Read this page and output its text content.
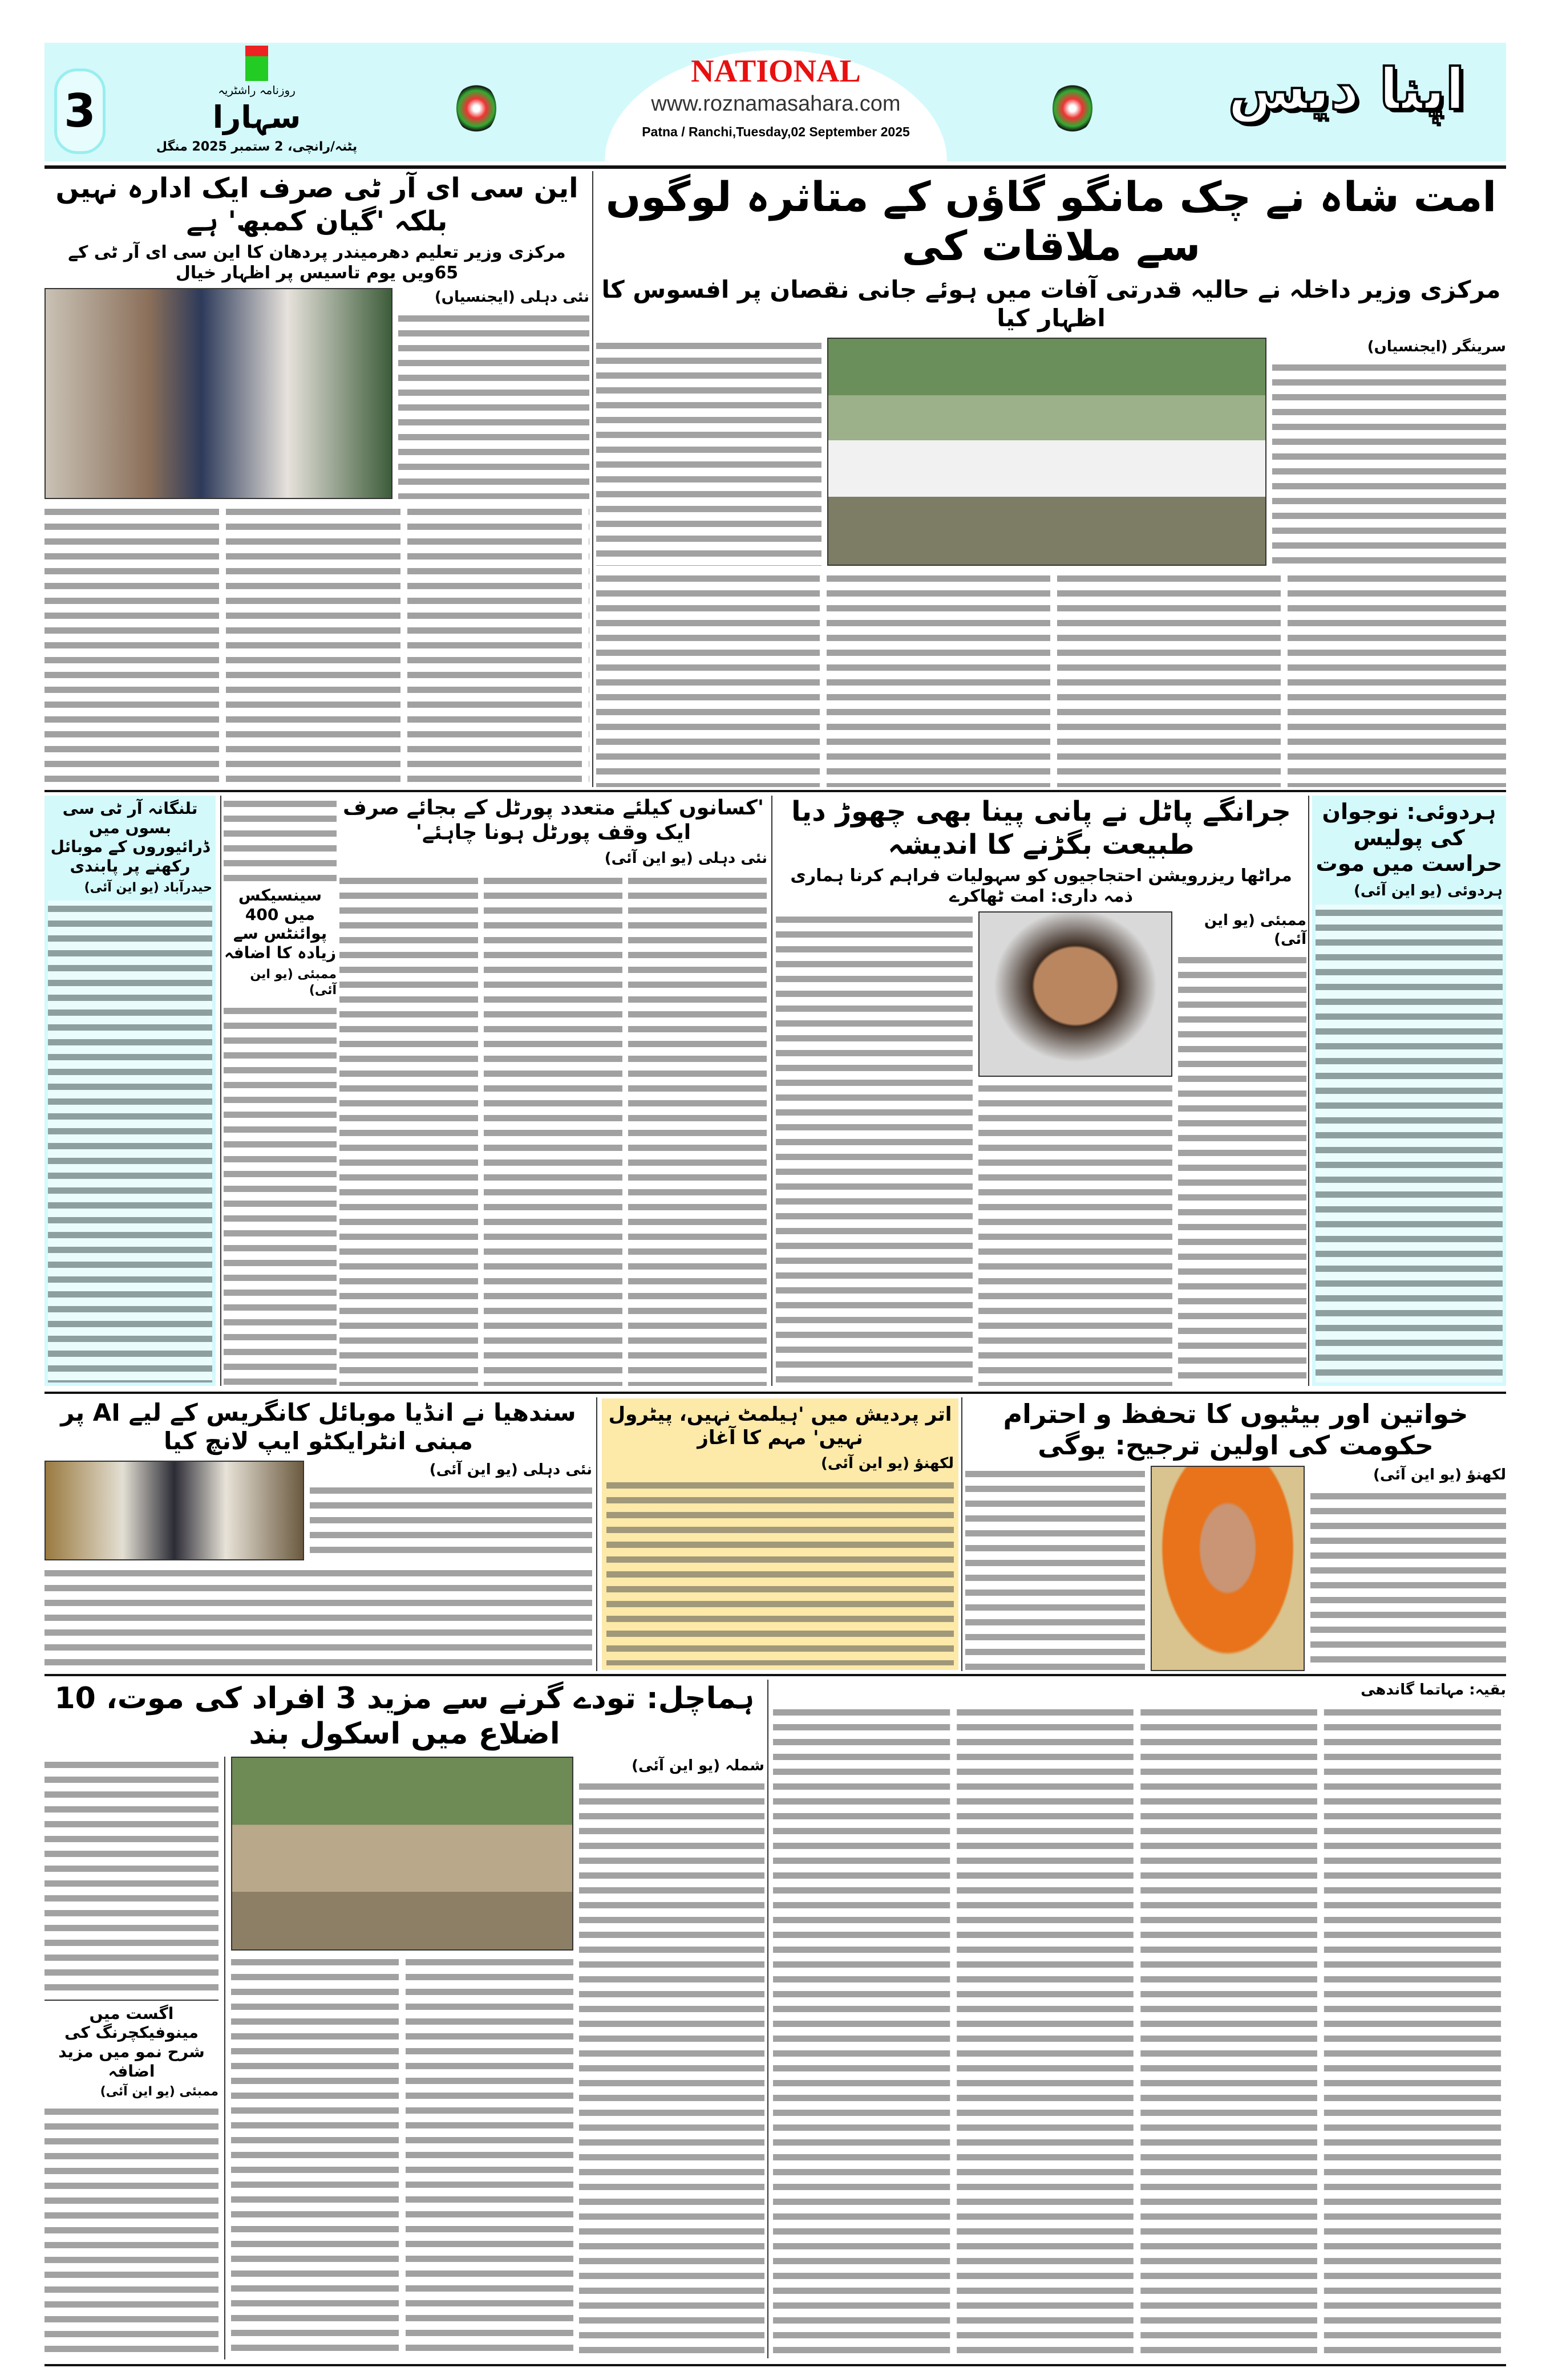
3	روزنامہ راشٹریہ
سہارا
پٹنہ/رانچی، 2 ستمبر 2025 منگل
NATIONAL
www.roznamasahara.com
Patna / Ranchi,Tuesday,02 September 2025
اپنا دیس
امت شاہ نے چک مانگو گاؤں کے متاثرہ لوگوں سے ملاقات کی
مرکزی وزیر داخلہ نے حالیہ قدرتی آفات میں ہوئے جانی نقصان پر افسوس کا اظہار کیا
سرینگر (ایجنسیاں)
این سی ای آر ٹی صرف ایک ادارہ نہیں بلکہ 'گیان کمبھ' ہے
مرکزی وزیر تعلیم دھرمیندر پردھان کا این سی ای آر ٹی کے 65ویں یوم تاسیس پر اظہار خیال
نئی دہلی (ایجنسیاں)
ہردوئی: نوجوان کی پولیس حراست میں موت
ہردوئی (یو این آئی)
جرانگے پاٹل نے پانی پینا بھی چھوڑ دیا طبیعت بگڑنے کا اندیشہ
مراٹھا ریزرویشن احتجاجیوں کو سہولیات فراہم کرنا ہماری ذمہ داری: امت ٹھاکرے
ممبئی (یو این آئی)
'کسانوں کیلئے متعدد پورٹل کے بجائے صرف ایک وقف پورٹل ہونا چاہئے'
نئی دہلی (یو این آئی)
سینسیکس میں 400 پوائنٹس سے زیادہ کا اضافہ
ممبئی (یو این آئی)
تلنگانہ آر ٹی سی بسوں میں ڈرائیوروں کے موبائل رکھنے پر پابندی
حیدرآباد (یو این آئی)
خواتین اور بیٹیوں کا تحفظ و احترام حکومت کی اولین ترجیح: یوگی
لکھنؤ (یو این آئی)
اتر پردیش میں 'ہیلمٹ نہیں، پیٹرول نہیں' مہم کا آغاز
لکھنؤ (یو این آئی)
سندھیا نے انڈیا موبائل کانگریس کے لیے AI پر مبنی انٹرایکٹو ایپ لانچ کیا
نئی دہلی (یو این آئی)
بقیہ: مہاتما گاندھی
ہماچل: تودے گرنے سے مزید 3 افراد کی موت، 10 اضلاع میں اسکول بند
اگست میں مینوفیکچرنگ کی شرح نمو میں مزید اضافہ
ممبئی (یو این آئی)
شملہ (یو این آئی)
